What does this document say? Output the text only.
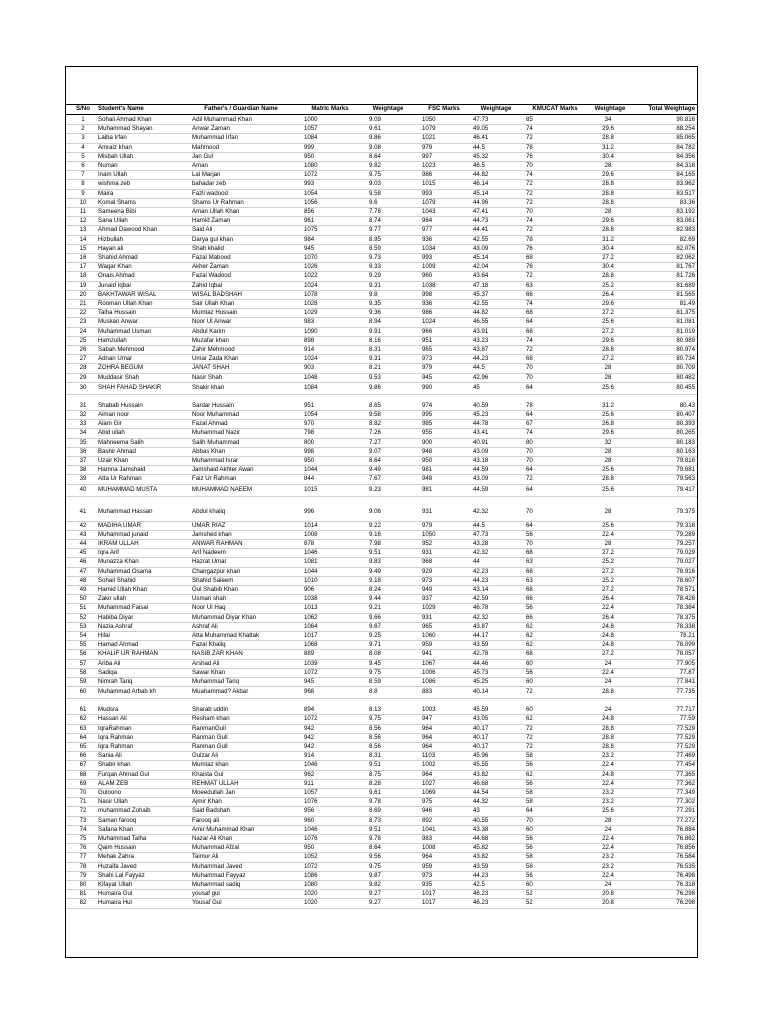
S/No	Student's Name	Father's / Guardian Name	Matric Marks	Weightage	FSC Marks	Weightage	KMUCAT Marks	Weightage	Total Weightage
1	Sohail Ahmad Khan	Adil Muhammad Khan	1000	9.09	1050	47.73	85	34	90.816
2	Muhammad Shayan	Anwar Zaman	1057	9.61	1079	49.05	74	29.6	88.254
3	Laiba Irfan	Muhammad Irfan	1084	9.86	1021	46.41	72	28.8	85.065
4	Amraiz khan	Mahmood	999	9.08	979	44.5	78	31.2	84.782
5	Misbah Ullah	Jan Gul	950	8.64	997	45.32	76	30.4	84.356
6	Numan	Aman	1080	9.82	1023	46.5	70	28	84.318
7	Inam Ullah	Lal Marjan	1072	9.75	986	44.82	74	29.6	84.165
8	wishma zeb	bahadar zeb	993	9.03	1015	46.14	72	28.8	83.962
9	Maira	Fazli wadood	1054	9.58	993	45.14	72	28.8	83.517
10	Komal Shams	Shams Ur Rahman	1056	9.6	1079	44.96	72	28.8	83.36
11	Sameena Bibi	Aman Ullah Khan	856	7.78	1043	47.41	70	28	83.192
12	Sana Ullah	Hamid Zaman	961	8.74	984	44.73	74	29.6	83.061
13	Ahmad Dawood Khan	Said Ali	1075	9.77	977	44.41	72	28.8	82.983
14	Hizbullah	Darya gul khan	984	8.95	936	42.55	78	31.2	82.69
15	Hayan ali	Shah khalid	945	8.59	1034	43.09	76	30.4	82.076
16	Shahid Ahmad	Fazal Mabood	1070	9.73	993	45.14	68	27.2	82.062
17	Waqar Khan	Akher Zaman	1026	9.33	1009	42.04	76	30.4	81.767
18	Onais Ahmad	Fazal Wadood	1022	9.29	960	43.64	72	28.8	81.726
19	Junaid Iqbal	Zahid Iqbal	1024	9.31	1038	47.18	63	25.2	81.689
20	BAKHTAWAR WISAL	WISAL BADSHAH	1078	9.8	998	45.37	66	26.4	81.565
21	Rooman Ullah Khan	Sair Ullah Khan	1028	9.35	936	42.55	74	29.6	81.49
22	Talha Hussain	Mumtaz Hussain	1029	9.36	986	44.82	68	27.2	81.375
23	Muskan Anwar	Noor Ul Anwar	983	8.94	1024	46.55	64	25.6	81.081
24	Muhammad Usman	Abdul Karim	1090	9.91	966	43.91	68	27.2	81.019
25	Hamzullah	Muzafar khan	898	8.16	951	43.23	74	29.6	80.989
26	Sabah Mehmood	Zahir Mehmood	914	8.31	965	43.87	72	28.8	80.974
27	Adnan Umar	Umar Zada Khan	1024	9.31	973	44.23	68	27.2	80.734
28	ZOHRA BEGUM	JANAT SHAH	903	8.21	979	44.5	70	28	80.709
29	Muddasir Shah	Nasir Shah	1048	9.53	945	42.96	70	28	80.482
30	SHAH FAHAD SHAKIR	Shakir khan	1084	9.86	990	45	64	25.6	80.455
31	Shabab Hussain	Sardar Hussain	951	8.65	974	40.59	78	31.2	80.43
32	Aiman noor	Noor Muhammad	1054	9.58	995	45.23	64	25.6	80.407
33	Alam Gir	Fazal Ahmad	970	8.82	985	44.78	67	26.8	80.393
34	Abid ullah	Muhammad Nazir	798	7.26	955	43.41	74	29.6	80.265
35	Mahneema Salih	Salih Muhammad	800	7.27	900	40.91	80	32	80.183
36	Bashir Ahmad	Abbas Khan	998	9.07	948	43.09	70	28	80.163
37	Uzair Khan	Muhammad Israr	950	8.64	950	43.18	70	28	79.816
38	Hamna Jamshaid	Jamshaid Akhter Awan	1044	9.49	981	44.59	64	25.6	79.681
39	Atta Ur Rahman	Faiz Ur Rahman	844	7.67	948	43.09	72	28.8	79.563
40	MUHAMMAD MUSTA	MUHAMMAD NAEEM	1015	9.23	981	44.59	64	25.6	79.417
41	Muhammad Hassan	Abdul khaliq	996	9.06	931	42.32	70	28	79.375
42	MADIHA UMAR	UMAR RIAZ	1014	9.22	979	44.5	64	25.6	79.318
43	Muhammad junaid	Jamshed khan	1008	9.16	1050	47.73	56	22.4	79.289
44	IKRAM ULLAH	ANWAR RAHMAN	878	7.98	952	43.28	70	28	79.257
45	Iqra Arif	Arif Nadeem	1046	9.51	931	42.32	68	27.2	79.029
46	Munazza Khan	Hazrat Umar	1081	9.83	968	44	63	25.2	79.027
47	Muhammad Osama	Changazpur khan	1044	9.49	929	42.23	68	27.2	78.916
48	Sohail Shahid	Shahid Saleem	1010	9.18	973	44.23	63	25.2	78.607
49	Hamid Ullah Khan	Gul Shabib Khan	906	8.24	949	43.14	68	27.2	78.571
50	Zakir ullah	Usman shah	1038	9.44	937	42.59	66	26.4	78.426
51	Muhammad Faisal	Noor Ul Haq	1013	9.21	1029	46.78	56	22.4	78.384
52	Habiba Diyar	Muhammad Diyar Khan	1062	9.66	931	42.32	66	26.4	78.375
53	Nazia Ashraf	Ashraf Ali	1064	9.67	965	43.87	62	24.8	78.338
54	Hilal	Atta Muhammad Khattak	1017	9.25	1060	44.17	62	24.8	78.21
55	Hamad Ahmad	Fazal Khaliq	1068	9.71	959	43.59	62	24.8	78.099
56	KHALIF UR RAHMAN	NASIB ZAR KHAN	889	8.08	941	42.78	68	27.2	78.057
57	Ariba Ali	Arshad Ali	1039	9.45	1067	44.46	60	24	77.905
58	Sadiqa	Sawar Khan	1072	9.75	1006	45.73	56	22.4	77.87
59	Nimrah Tariq	Muhammad Tariq	945	8.59	1086	45.25	60	24	77.841
60	Muhammad Arbab kh	Muahammad? Akbar	968	8.8	883	40.14	72	28.8	77.735
61	Mudsra	Sharab uddin	894	8.13	1003	45.59	60	24	77.717
62	Hassan Ali	Resham khan	1072	9.75	947	43.05	62	24.8	77.59
63	IqraRahman	RanmanGull	942	8.56	964	40.17	72	28.8	77.529
64	Iqra Rahman	Ranman Gull	942	8.56	964	40.17	72	28.8	77.529
65	Iqra Rahman	Ranman Gull	942	8.56	964	40.17	72	28.8	77.529
66	Sania Ali	Gulzar Ali	914	8.31	1103	45.96	58	23.2	77.469
67	Shabir khan	Mumtaz khan	1046	9.51	1002	45.55	56	22.4	77.454
68	Furqan Ahmad Gul	Khaista Gul	962	8.75	964	43.82	62	24.8	77.365
69	ALAM ZEB	REHMAT ULLAH	911	8.28	1027	46.68	56	22.4	77.362
70	Guloono	Moeedullah Jan	1057	9.61	1069	44.54	58	23.2	77.349
71	Nasir Ullah	Ajmir Khan	1076	9.78	975	44.32	58	23.2	77.302
72	muhammad Zohaib	Said Badshah	956	8.69	946	43	64	25.6	77.291
73	Saman farooq	Farooq ali	960	8.73	892	40.55	70	28	77.272
74	Safana Khan	Amir Muhammad Khan	1046	9.51	1041	43.38	60	24	76.884
75	Muhammad Talha	Nazar Ali Khan	1076	9.78	983	44.68	56	22.4	76.862
76	Qaim Hussain	Muhammad Afzal	950	8.64	1008	45.82	56	22.4	76.856
77	Mehak Zahra	Taimur Ali	1052	9.56	964	43.82	58	23.2	76.584
78	Huzaifa Javed	Muhammad Javed	1072	9.75	959	43.59	58	23.2	76.535
79	Shahi Lal Fayyaz	Muhammad Fayyaz	1086	9.87	973	44.23	56	22.4	76.498
80	Kifayat Ullah	Muhammad sadiq	1080	9.82	935	42.5	60	24	76.318
81	Humaira Gul	yousaf gul	1020	9.27	1017	46.23	52	20.8	76.298
82	Humaira Hul	Yousaf Gul	1020	9.27	1017	46.23	52	20.8	76.298
